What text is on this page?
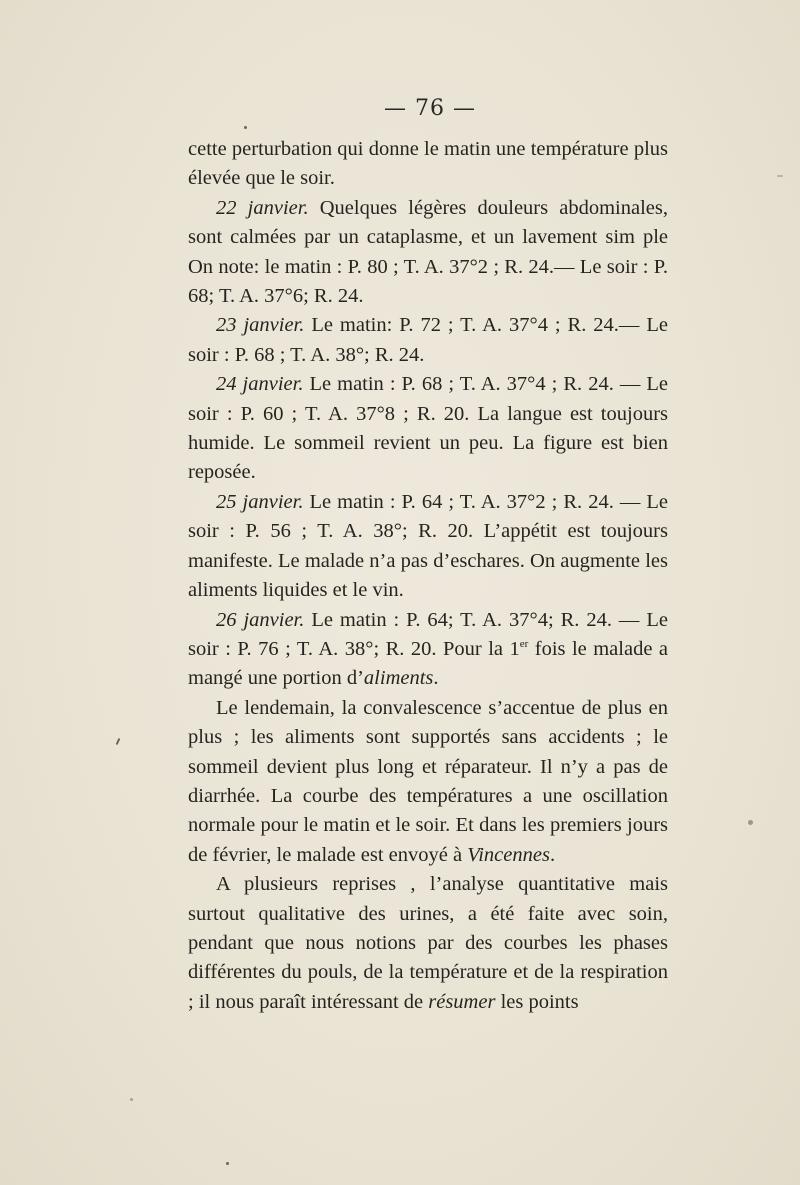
— 76 —

cette perturbation qui donne le matin une température plus élevée que le soir.

22 janvier. Quelques légères douleurs abdominales, sont calmées par un cataplasme, et un lavement sim ple On note: le matin : P. 80 ; T. A. 37°2 ; R. 24.— Le soir : P. 68; T. A. 37°6; R. 24.

23 janvier. Le matin: P. 72 ; T. A. 37°4 ; R. 24.— Le soir : P. 68 ; T. A. 38°; R. 24.

24 janvier. Le matin : P. 68 ; T. A. 37°4 ; R. 24. — Le soir : P. 60 ; T. A. 37°8 ; R. 20. La langue est toujours humide. Le sommeil revient un peu. La figure est bien reposée.

25 janvier. Le matin : P. 64 ; T. A. 37°2 ; R. 24. — Le soir : P. 56 ; T. A. 38°; R. 20. L’appétit est toujours manifeste. Le malade n’a pas d’eschares. On augmente les aliments liquides et le vin.

26 janvier. Le matin : P. 64; T. A. 37°4; R. 24. — Le soir : P. 76 ; T. A. 38°; R. 20. Pour la 1er fois le malade a mangé une portion d’aliments.

Le lendemain, la convalescence s’accentue de plus en plus ; les aliments sont supportés sans accidents ; le sommeil devient plus long et réparateur. Il n’y a pas de diarrhée. La courbe des températures a une oscillation normale pour le matin et le soir. Et dans les premiers jours de février, le malade est envoyé à Vincennes.

A plusieurs reprises , l’analyse quantitative mais surtout qualitative des urines, a été faite avec soin, pendant que nous notions par des courbes les phases différentes du pouls, de la température et de la respiration ; il nous paraît intéressant de résumer les points
